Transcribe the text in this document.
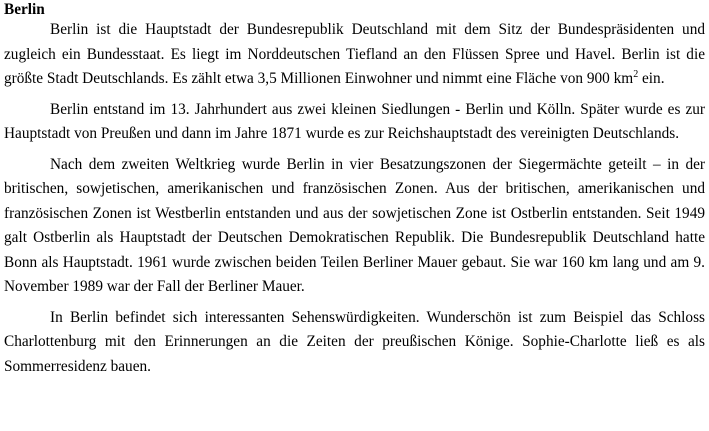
Berlin

Berlin ist die Hauptstadt der Bundesrepublik Deutschland mit dem Sitz der Bundespräsidenten und zugleich ein Bundesstaat. Es liegt im Norddeutschen Tiefland an den Flüssen Spree und Havel. Berlin ist die größte Stadt Deutschlands. Es zählt etwa 3,5 Millionen Einwohner und nimmt eine Fläche von 900 $km^2$ ein.

Berlin entstand im 13. Jahrhundert aus zwei kleinen Siedlungen - Berlin und Kölln. Später wurde es zur Hauptstadt von Preußen und dann im Jahre 1871 wurde es zur Reichshauptstadt des vereinigten Deutschlands.

Nach dem zweiten Weltkrieg wurde Berlin in vier Besatzungszonen der Siegermächte geteilt – in der britischen, sowjetischen, amerikanischen und französischen Zonen. Aus der britischen, amerikanischen und französischen Zonen ist Westberlin entstanden und aus der sowjetischen Zone ist Ostberlin entstanden. Seit 1949 galt Ostberlin als Hauptstadt der Deutschen Demokratischen Republik. Die Bundesrepublik Deutschland hatte Bonn als Hauptstadt. 1961 wurde zwischen beiden Teilen Berliner Mauer gebaut. Sie war 160 km lang und am 9. November 1989 war der Fall der Berliner Mauer.

In Berlin befindet sich interessanten Sehenswürdigkeiten. Wunderschön ist zum Beispiel das Schloss Charlottenburg mit den Erinnerungen an die Zeiten der preußischen Könige. Sophie-Charlotte ließ es als Sommerresidenz bauen.
